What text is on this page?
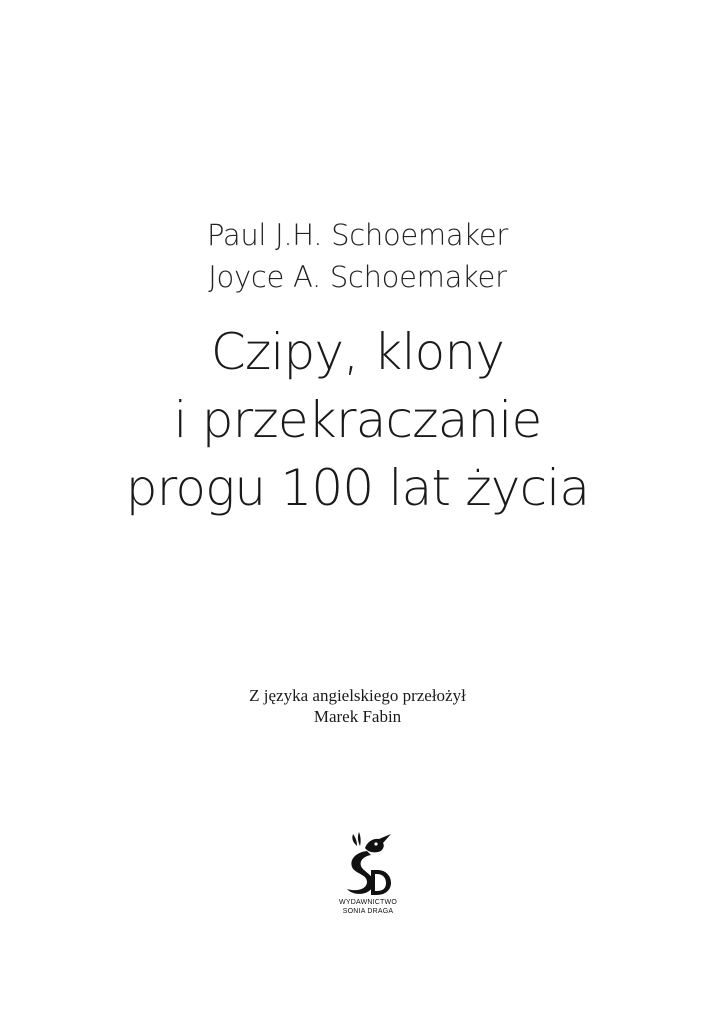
Paul J.H. Schoemaker
Joyce A. Schoemaker
Czipy, klony
i przekraczanie
progu 100 lat życia
Z języka angielskiego przełożył
Marek Fabin
WYDAWNICTWO
SONIA DRAGA
